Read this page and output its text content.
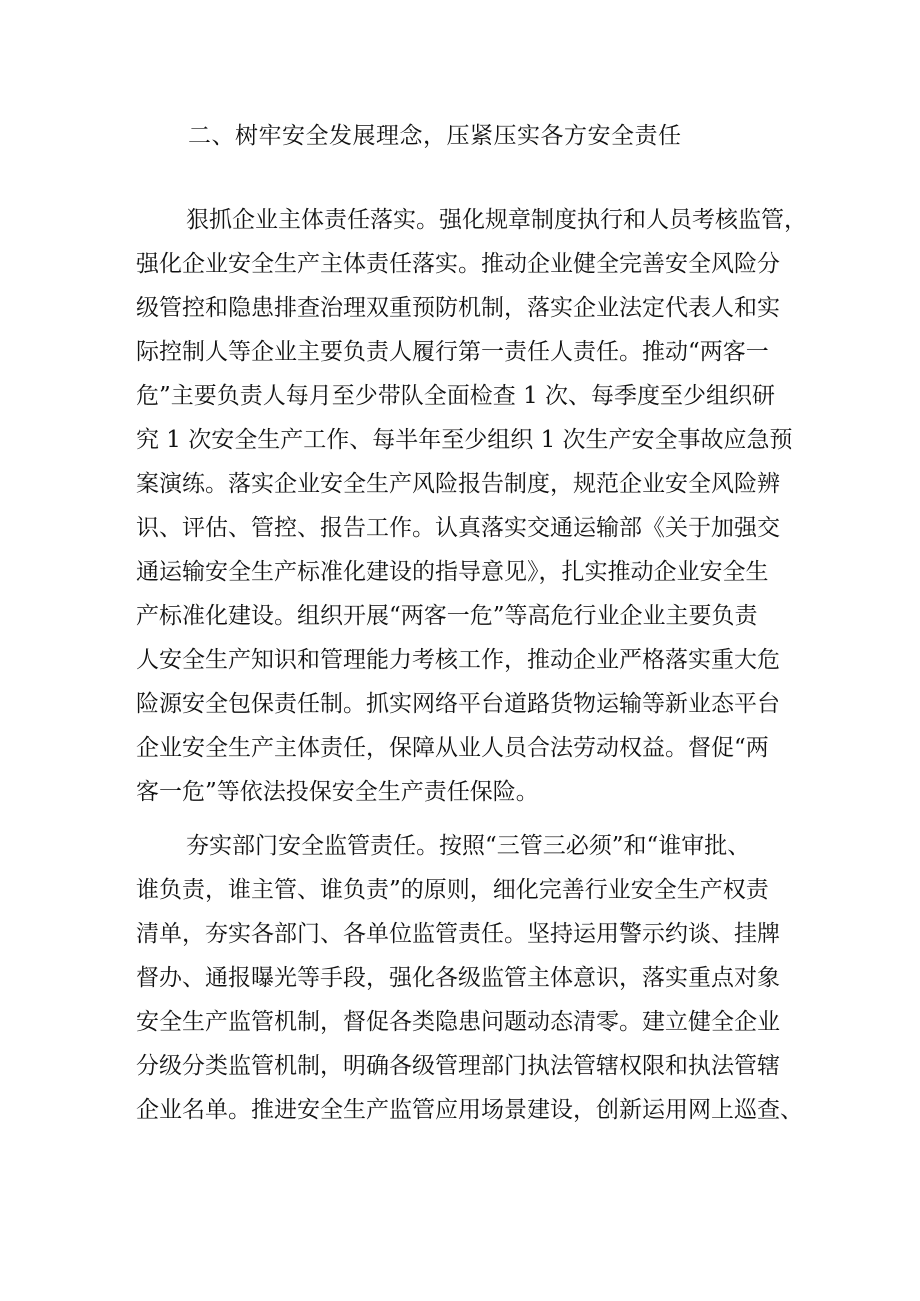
二、树牢安全发展理念，压紧压实各方安全责任
狠抓企业主体责任落实。强化规章制度执行和人员考核监管，
强化企业安全生产主体责任落实。推动企业健全完善安全风险分
级管控和隐患排查治理双重预防机制，落实企业法定代表人和实
际控制人等企业主要负责人履行第一责任人责任。推动“两客一
危”主要负责人每月至少带队全面检查 1 次、每季度至少组织研
究 1 次安全生产工作、每半年至少组织 1 次生产安全事故应急预
案演练。落实企业安全生产风险报告制度，规范企业安全风险辨
识、评估、管控、报告工作。认真落实交通运输部《关于加强交
通运输安全生产标准化建设的指导意见》，扎实推动企业安全生
产标准化建设。组织开展“两客一危”等高危行业企业主要负责
人安全生产知识和管理能力考核工作，推动企业严格落实重大危
险源安全包保责任制。抓实网络平台道路货物运输等新业态平台
企业安全生产主体责任，保障从业人员合法劳动权益。督促“两
客一危”等依法投保安全生产责任保险。
夯实部门安全监管责任。按照“三管三必须”和“谁审批、
谁负责，谁主管、谁负责”的原则，细化完善行业安全生产权责
清单，夯实各部门、各单位监管责任。坚持运用警示约谈、挂牌
督办、通报曝光等手段，强化各级监管主体意识，落实重点对象
安全生产监管机制，督促各类隐患问题动态清零。建立健全企业
分级分类监管机制，明确各级管理部门执法管辖权限和执法管辖
企业名单。推进安全生产监管应用场景建设，创新运用网上巡查、
